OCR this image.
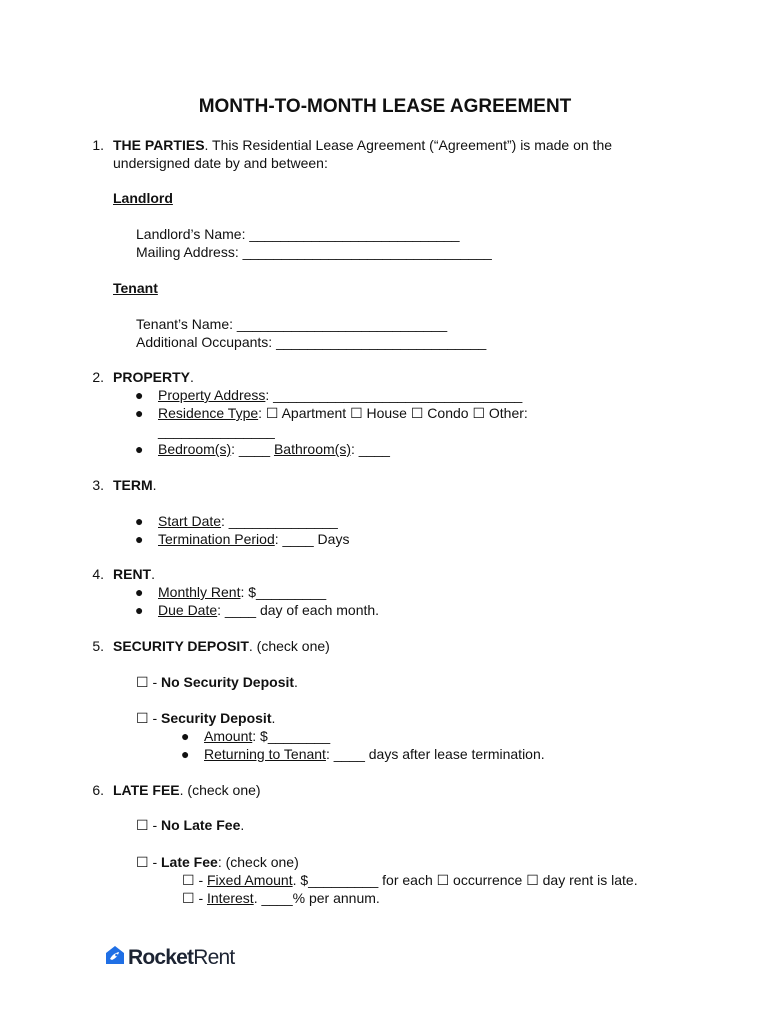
MONTH-TO-MONTH LEASE AGREEMENT
1. THE PARTIES. This Residential Lease Agreement (“Agreement”) is made on the
undersigned date by and between:
Landlord
Landlord’s Name: ___________________________
Mailing Address: ________________________________
Tenant
Tenant’s Name: ___________________________
Additional Occupants: ___________________________
2. PROPERTY.
● Property Address: ________________________________
● Residence Type: ☐ Apartment ☐ House ☐ Condo ☐ Other:
_______________
● Bedroom(s): ____ Bathroom(s): ____
3. TERM.
● Start Date: ______________
● Termination Period: ____ Days
4. RENT.
● Monthly Rent: $_________
● Due Date: ____ day of each month.
5. SECURITY DEPOSIT. (check one)
☐ - No Security Deposit.
☐ - Security Deposit.
● Amount: $________
● Returning to Tenant: ____ days after lease termination.
6. LATE FEE. (check one)
☐ - No Late Fee.
☐ - Late Fee: (check one)
☐ - Fixed Amount. $_________ for each ☐ occurrence ☐ day rent is late.
☐ - Interest. ____% per annum.
RocketRent
